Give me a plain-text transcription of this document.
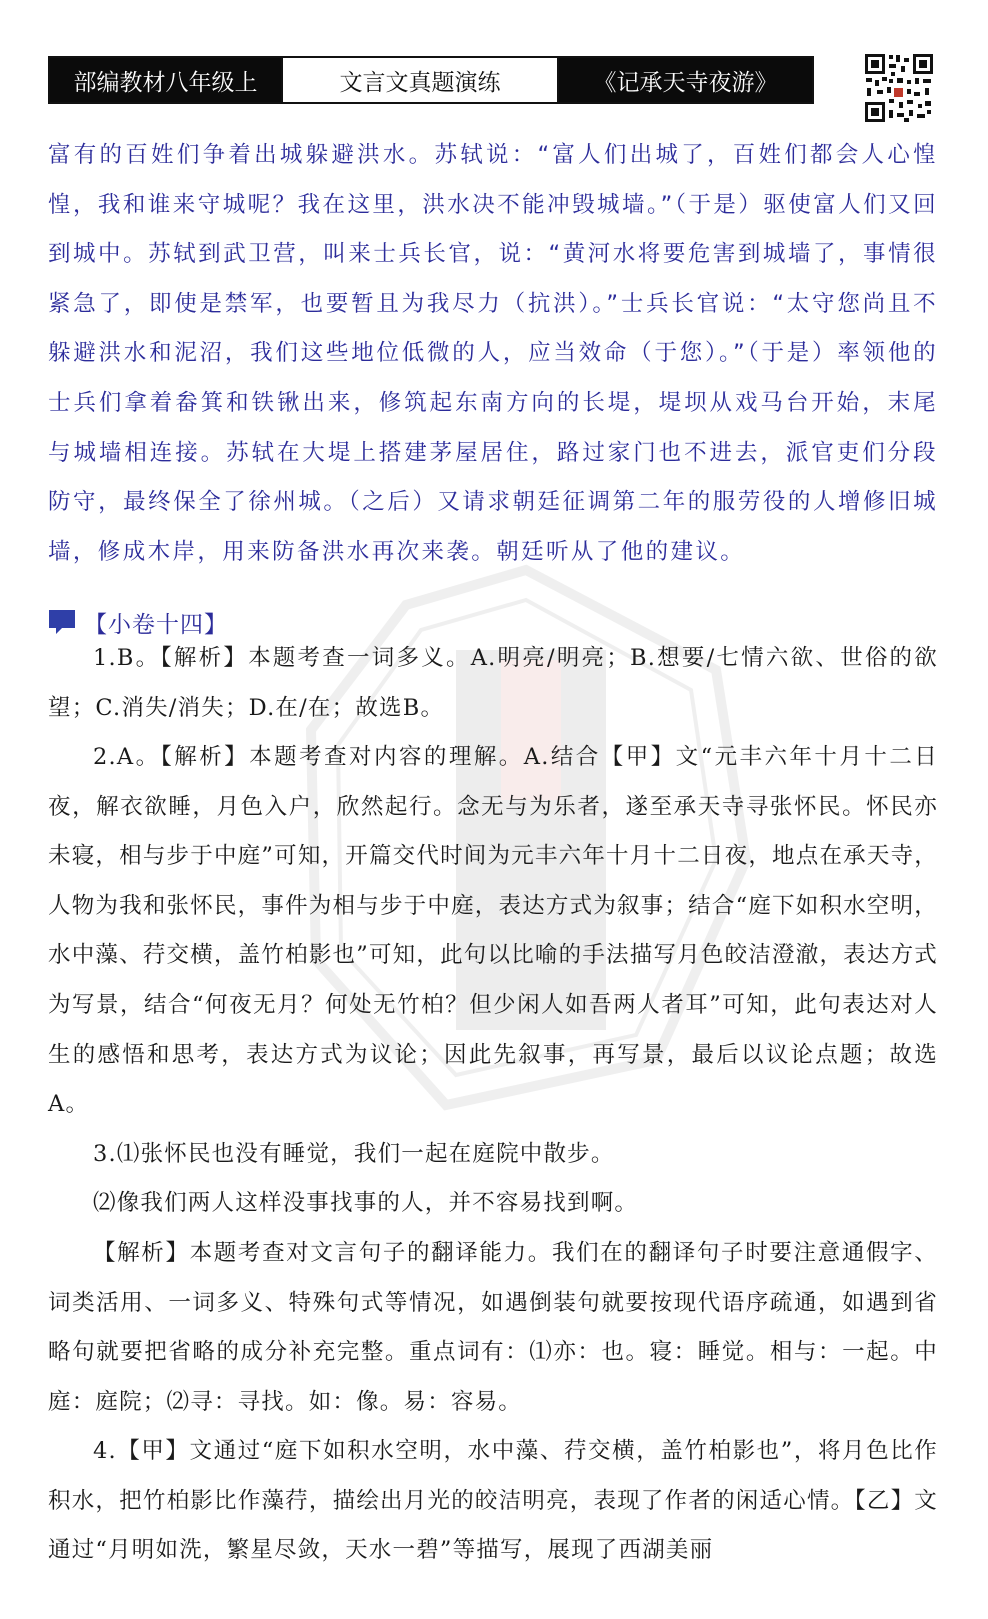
部编教材八年级上	文言文真题演练	《记承天寺夜游》

富有的百姓们争着出城躲避洪水。苏轼说：“富人们出城了，百姓们都会人心惶惶，我和谁来守城呢？我在这里，洪水决不能冲毁城墙。”（于是）驱使富人们又回到城中。苏轼到武卫营，叫来士兵长官，说：“黄河水将要危害到城墙了，事情很紧急了，即使是禁军，也要暂且为我尽力（抗洪）。”士兵长官说：“太守您尚且不躲避洪水和泥沼，我们这些地位低微的人，应当效命（于您）。”（于是）率领他的士兵们拿着畚箕和铁锹出来，修筑起东南方向的长堤，堤坝从戏马台开始，末尾与城墙相连接。苏轼在大堤上搭建茅屋居住，路过家门也不进去，派官吏们分段防守，最终保全了徐州城。（之后）又请求朝廷征调第二年的服劳役的人增修旧城墙，修成木岸，用来防备洪水再次来袭。朝廷听从了他的建议。

【小卷十四】

1.B。【解析】本题考查一词多义。A.明亮/明亮；B.想要/七情六欲、世俗的欲望；C.消失/消失；D.在/在；故选B。

2.A。【解析】本题考查对内容的理解。A.结合【甲】文“元丰六年十月十二日夜，解衣欲睡，月色入户，欣然起行。念无与为乐者，遂至承天寺寻张怀民。怀民亦未寝，相与步于中庭”可知，开篇交代时间为元丰六年十月十二日夜，地点在承天寺，人物为我和张怀民，事件为相与步于中庭，表达方式为叙事；结合“庭下如积水空明，水中藻、荇交横，盖竹柏影也”可知，此句以比喻的手法描写月色皎洁澄澈，表达方式为写景，结合“何夜无月？何处无竹柏？但少闲人如吾两人者耳”可知，此句表达对人生的感悟和思考，表达方式为议论；因此先叙事，再写景，最后以议论点题；故选A。

3.⑴张怀民也没有睡觉，我们一起在庭院中散步。

⑵像我们两人这样没事找事的人，并不容易找到啊。

【解析】本题考查对文言句子的翻译能力。我们在的翻译句子时要注意通假字、词类活用、一词多义、特殊句式等情况，如遇倒装句就要按现代语序疏通，如遇到省略句就要把省略的成分补充完整。重点词有：⑴亦：也。寝：睡觉。相与：一起。中庭：庭院；⑵寻：寻找。如：像。易：容易。

4.【甲】文通过“庭下如积水空明，水中藻、荇交横，盖竹柏影也”，将月色比作积水，把竹柏影比作藻荇，描绘出月光的皎洁明亮，表现了作者的闲适心情。【乙】文通过“月明如洗，繁星尽敛，天水一碧”等描写，展现了西湖美丽
